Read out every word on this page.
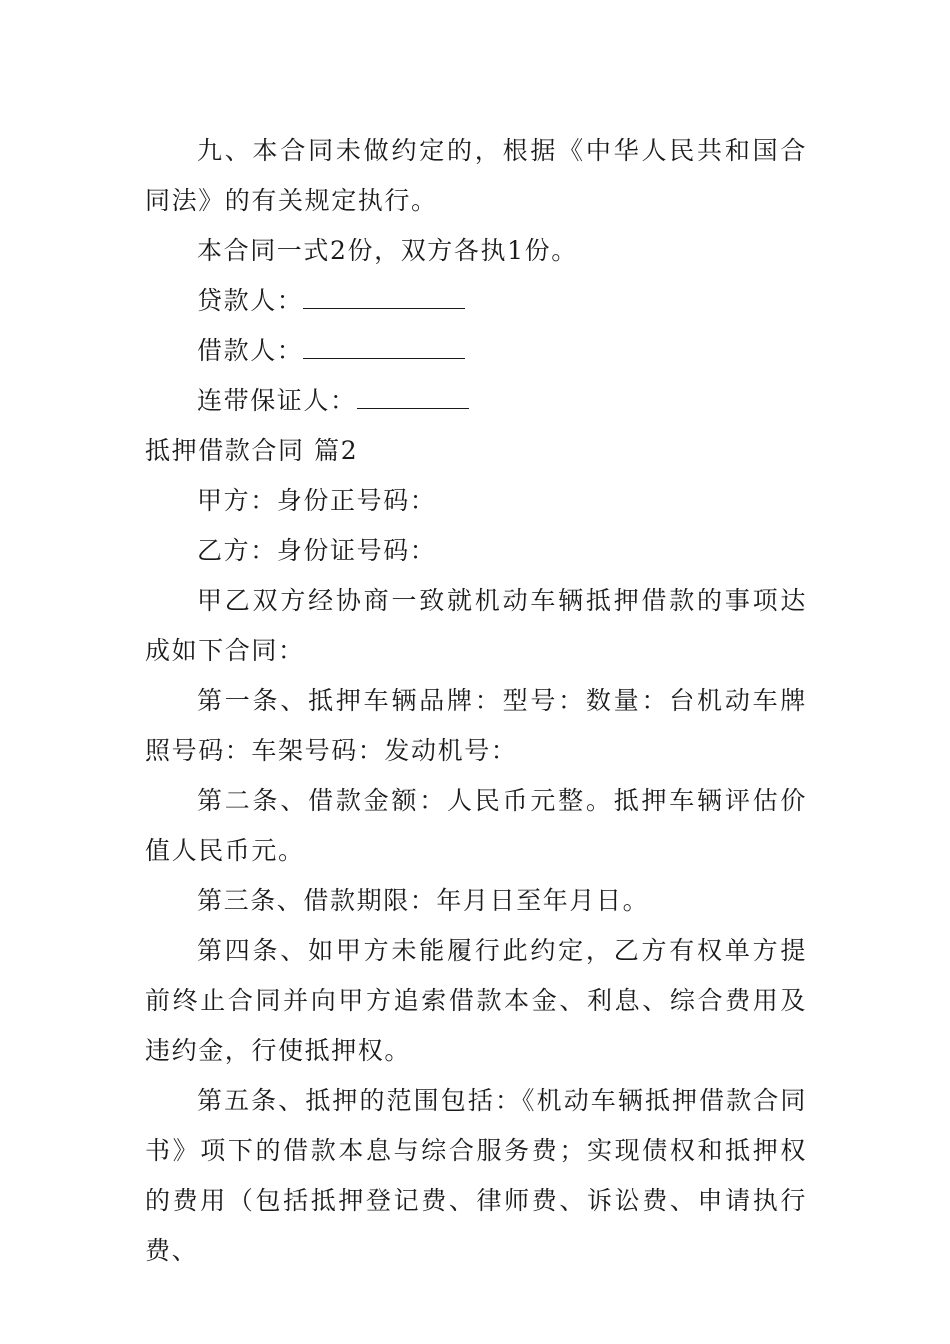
九、本合同未做约定的，根据《中华人民共和国合同法》的有关规定执行。

本合同一式2份，双方各执1份。

贷款人：

借款人：

连带保证人：

抵押借款合同 篇2

甲方：身份正号码：

乙方：身份证号码：

甲乙双方经协商一致就机动车辆抵押借款的事项达成如下合同：

第一条、抵押车辆品牌：型号：数量：台机动车牌照号码：车架号码：发动机号：

第二条、借款金额：人民币元整。抵押车辆评估价值人民币元。

第三条、借款期限：年月日至年月日。

第四条、如甲方未能履行此约定，乙方有权单方提前终止合同并向甲方追索借款本金、利息、综合费用及违约金，行使抵押权。

第五条、抵押的范围包括：《机动车辆抵押借款合同书》项下的借款本息与综合服务费；实现债权和抵押权的费用（包括抵押登记费、律师费、诉讼费、申请执行费、
